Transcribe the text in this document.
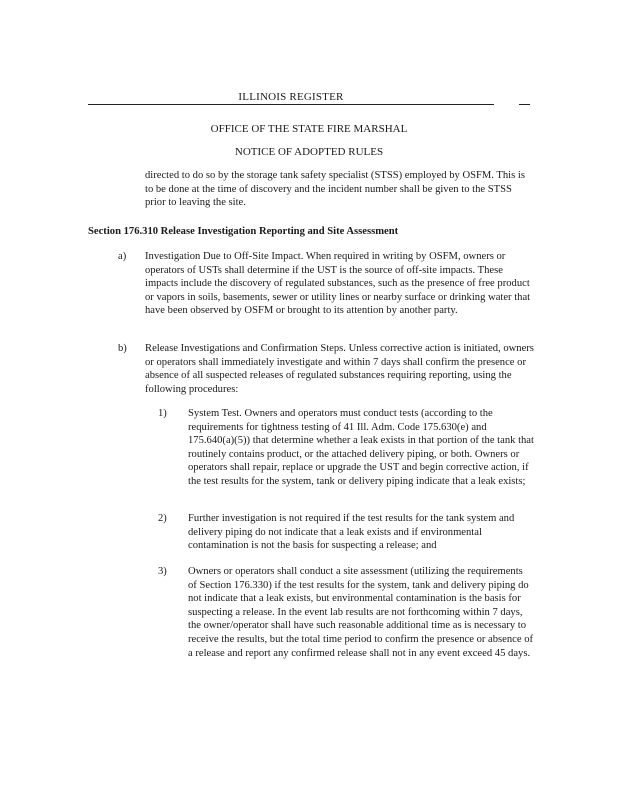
ILLINOIS REGISTER
OFFICE OF THE STATE FIRE MARSHAL
NOTICE OF ADOPTED RULES
directed to do so by the storage tank safety specialist (STSS) employed by OSFM. This is to be done at the time of discovery and the incident number shall be given to the STSS prior to leaving the site.
Section 176.310 Release Investigation Reporting and Site Assessment
a) Investigation Due to Off-Site Impact. When required in writing by OSFM, owners or operators of USTs shall determine if the UST is the source of off-site impacts. These impacts include the discovery of regulated substances, such as the presence of free product or vapors in soils, basements, sewer or utility lines or nearby surface or drinking water that have been observed by OSFM or brought to its attention by another party.
b) Release Investigations and Confirmation Steps. Unless corrective action is initiated, owners or operators shall immediately investigate and within 7 days shall confirm the presence or absence of all suspected releases of regulated substances requiring reporting, using the following procedures:
1) System Test. Owners and operators must conduct tests (according to the requirements for tightness testing of 41 Ill. Adm. Code 175.630(e) and 175.640(a)(5)) that determine whether a leak exists in that portion of the tank that routinely contains product, or the attached delivery piping, or both. Owners or operators shall repair, replace or upgrade the UST and begin corrective action, if the test results for the system, tank or delivery piping indicate that a leak exists;
2) Further investigation is not required if the test results for the tank system and delivery piping do not indicate that a leak exists and if environmental contamination is not the basis for suspecting a release; and
3) Owners or operators shall conduct a site assessment (utilizing the requirements of Section 176.330) if the test results for the system, tank and delivery piping do not indicate that a leak exists, but environmental contamination is the basis for suspecting a release. In the event lab results are not forthcoming within 7 days, the owner/operator shall have such reasonable additional time as is necessary to receive the results, but the total time period to confirm the presence or absence of a release and report any confirmed release shall not in any event exceed 45 days.
